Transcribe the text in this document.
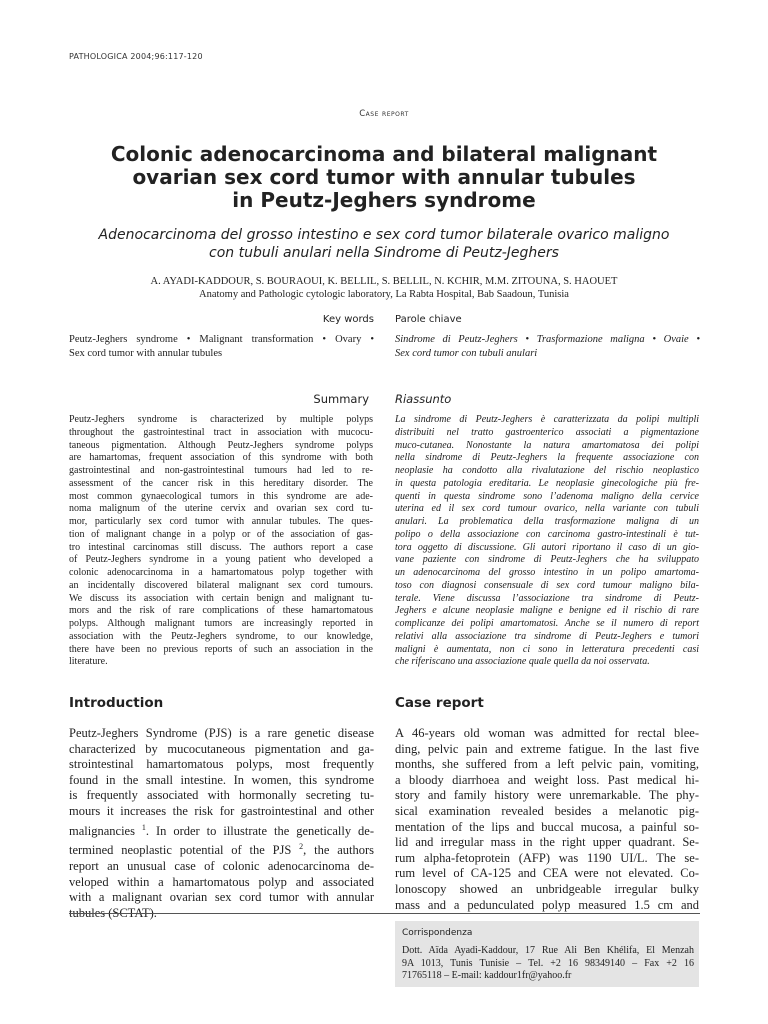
PATHOLOGICA 2004;96:117-120
Case report
Colonic adenocarcinoma and bilateral malignant
ovarian sex cord tumor with annular tubules
in Peutz-Jeghers syndrome
Adenocarcinoma del grosso intestino e sex cord tumor bilaterale ovarico maligno
con tubuli anulari nella Sindrome di Peutz-Jeghers
A. AYADI-KADDOUR, S. BOURAOUI, K. BELLIL, S. BELLIL, N. KCHIR, M.M. ZITOUNA, S. HAOUET
Anatomy and Pathologic cytologic laboratory, La Rabta Hospital, Bab Saadoun, Tunisia
Key words Parole chiave
Peutz-Jeghers syndrome • Malignant transformation • Ovary •
Sex cord tumor with annular tubules
Sindrome di Peutz-Jeghers • Trasformazione maligna • Ovaie •
Sex cord tumor con tubuli anulari
Summary Riassunto
Peutz-Jeghers syndrome is characterized by multiple polyps
throughout the gastrointestinal tract in association with mucocu-
taneous pigmentation. Although Peutz-Jeghers syndrome polyps
are hamartomas, frequent association of this syndrome with both
gastrointestinal and non-gastrointestinal tumours had led to re-
assessment of the cancer risk in this hereditary disorder. The
most common gynaecological tumors in this syndrome are ade-
noma malignum of the uterine cervix and ovarian sex cord tu-
mor, particularly sex cord tumor with annular tubules. The ques-
tion of malignant change in a polyp or of the association of gas-
tro intestinal carcinomas still discuss. The authors report a case
of Peutz-Jeghers syndrome in a young patient who developed a
colonic adenocarcinoma in a hamartomatous polyp together with
an incidentally discovered bilateral malignant sex cord tumours.
We discuss its association with certain benign and malignant tu-
mors and the risk of rare complications of these hamartomatous
polyps. Although malignant tumors are increasingly reported in
association with the Peutz-Jeghers syndrome, to our knowledge,
there have been no previous reports of such an association in the
literature.
La sindrome di Peutz-Jeghers è caratterizzata da polipi multipli
distribuiti nel tratto gastroenterico associati a pigmentazione
muco-cutanea. Nonostante la natura amartomatosa dei polipi
nella sindrome di Peutz-Jeghers la frequente associazione con
neoplasie ha condotto alla rivalutazione del rischio neoplastico
in questa patologia ereditaria. Le neoplasie ginecologiche più fre-
quenti in questa sindrome sono l’adenoma maligno della cervice
uterina ed il sex cord tumour ovarico, nella variante con tubuli
anulari. La problematica della trasformazione maligna di un
polipo o della associazione con carcinoma gastro-intestinali è tut-
tora oggetto di discussione. Gli autori riportano il caso di un gio-
vane paziente con sindrome di Peutz-Jeghers che ha sviluppato
un adenocarcinoma del grosso intestino in un polipo amartoma-
toso con diagnosi consensuale di sex cord tumour maligno bila-
terale. Viene discussa l’associazione tra sindrome di Peutz-
Jeghers e alcune neoplasie maligne e benigne ed il rischio di rare
complicanze dei polipi amartomatosi. Anche se il numero di report
relativi alla associazione tra sindrome di Peutz-Jeghers e tumori
maligni è aumentata, non ci sono in letteratura precedenti casi
che riferiscano una associazione quale quella da noi osservata.
Introduction	Case report
Peutz-Jeghers Syndrome (PJS) is a rare genetic disease
characterized by mucocutaneous pigmentation and ga-
strointestinal hamartomatous polyps, most frequently
found in the small intestine. In women, this syndrome
is frequently associated with hormonally secreting tu-
mours it increases the risk for gastrointestinal and other
malignancies $^1$. In order to illustrate the genetically de-
termined neoplastic potential of the PJS $^2$, the authors
report an unusual case of colonic adenocarcinoma de-
veloped within a hamartomatous polyp and associated
with a malignant ovarian sex cord tumor with annular
tubules (SCTAT).
A 46-years old woman was admitted for rectal blee-
ding, pelvic pain and extreme fatigue. In the last five
months, she suffered from a left pelvic pain, vomiting,
a bloody diarrhoea and weight loss. Past medical hi-
story and family history were unremarkable. The phy-
sical examination revealed besides a melanotic pig-
mentation of the lips and buccal mucosa, a painful so-
lid and irregular mass in the right upper quadrant. Se-
rum alpha-fetoprotein (AFP) was 1190 UI/L. The se-
rum level of CA-125 and CEA were not elevated. Co-
lonoscopy showed an unbridgeable irregular bulky
mass and a pedunculated polyp measured 1.5 cm and
Corrispondenza
Dott. Aïda Ayadi-Kaddour, 17 Rue Ali Ben Khélifa, El Menzah
9A 1013, Tunis Tunisie – Tel. +2 16 98349140 – Fax +2 16
71765118 – E-mail: kaddour1fr@yahoo.fr
